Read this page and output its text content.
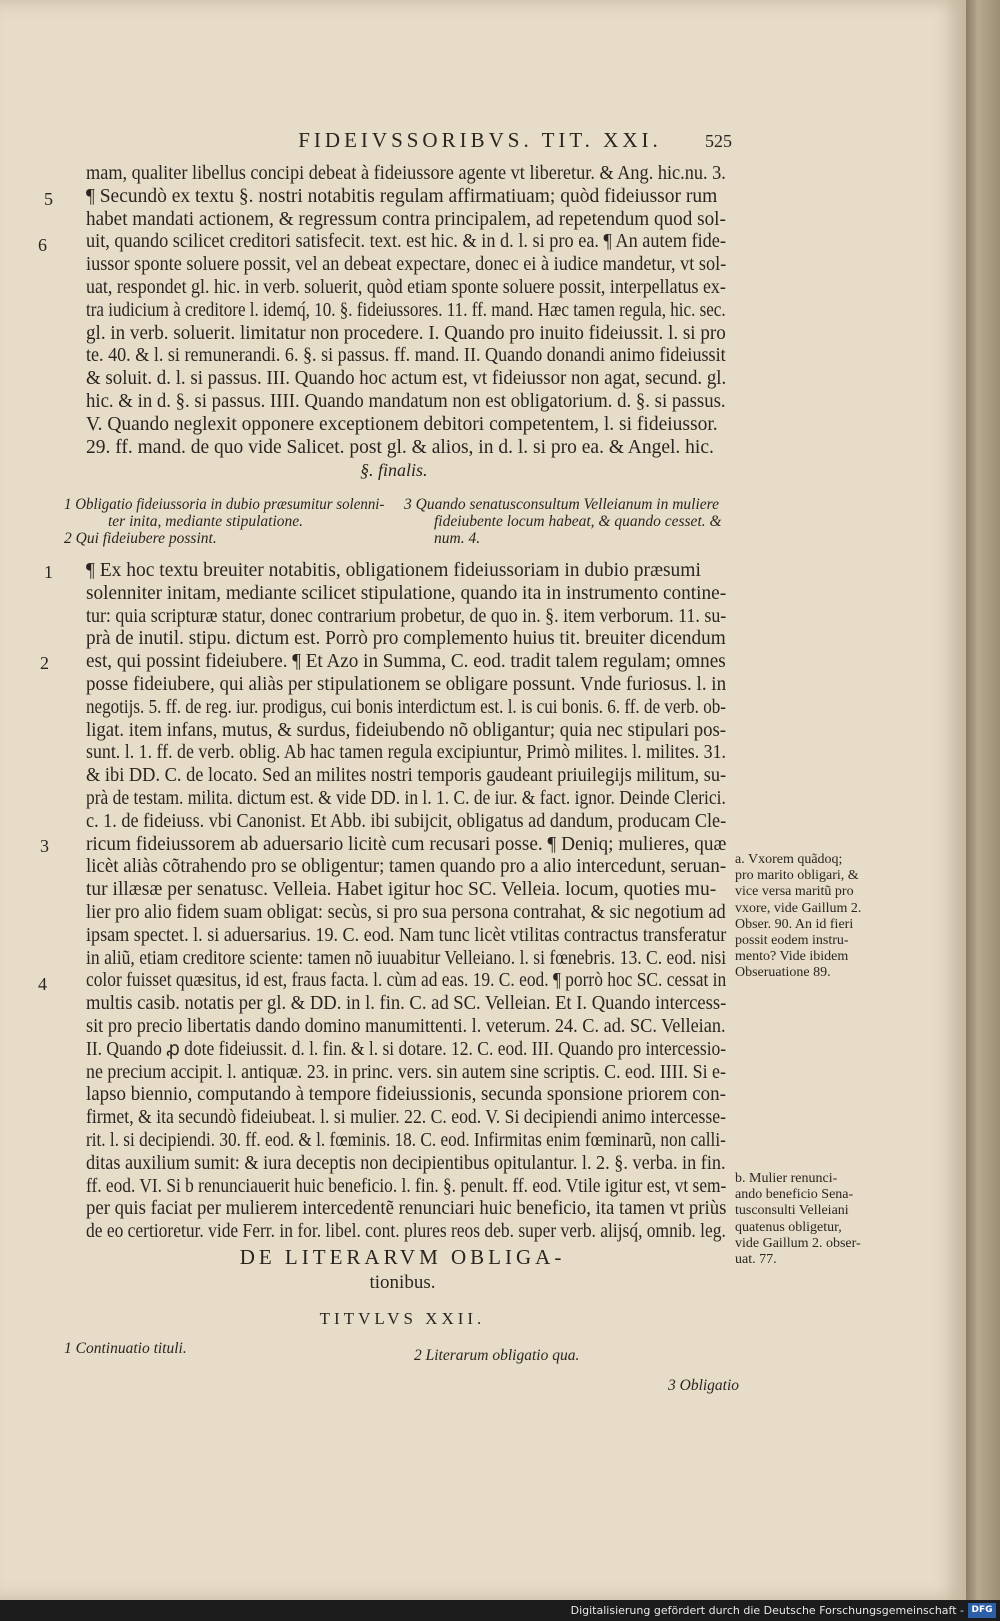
FIDEIVSSORIBVS. TIT. XXI.	525
5
6
mam, qualiter libellus concipi debeat à fideiussore agente vt liberetur. & Ang. hic.nu. 3.
¶ Secundò ex textu §. nostri notabitis regulam affirmatiuam; quòd fideiussor rum
habet mandati actionem, & regressum contra principalem, ad repetendum quod sol-
uit, quando scilicet creditori satisfecit. text. est hic. & in d. l. si pro ea. ¶ An autem fide-
iussor sponte soluere possit, vel an debeat expectare, donec ei à iudice mandetur, vt sol-
uat, respondet gl. hic. in verb. soluerit, quòd etiam sponte soluere possit, interpellatus ex-
tra iudicium à creditore l. idemq́, 10. §. fideiussores. 11. ff. mand. Hæc tamen regula, hic. sec.
gl. in verb. soluerit. limitatur non procedere. I. Quando pro inuito fideiussit. l. si pro
te. 40. & l. si remunerandi. 6. §. si passus. ff. mand. II. Quando donandi animo fideiussit
& soluit. d. l. si passus. III. Quando hoc actum est, vt fideiussor non agat, secund. gl.
hic. & in d. §. si passus. IIII. Quando mandatum non est obligatorium. d. §. si passus.
V. Quando neglexit opponere exceptionem debitori competentem, l. si fideiussor.
29. ff. mand. de quo vide Salicet. post gl. & alios, in d. l. si pro ea. & Angel. hic.
§. finalis.
1 Obligatio fideiussoria in dubio præsumitur solenni-
ter inita, mediante stipulatione.
2 Qui fideiubere possint.
3 Quando senatusconsultum Velleianum in muliere
fideiubente locum habeat, & quando cesset. &
num. 4.
1
2
3
4
¶ Ex hoc textu breuiter notabitis, obligationem fideiussoriam in dubio præsumi
solenniter initam, mediante scilicet stipulatione, quando ita in instrumento contine-
tur: quia scripturæ statur, donec contrarium probetur, de quo in. §. item verborum. 11. su-
prà de inutil. stipu. dictum est. Porrò pro complemento huius tit. breuiter dicendum
est, qui possint fideiubere. ¶ Et Azo in Summa, C. eod. tradit talem regulam; omnes
posse fideiubere, qui aliàs per stipulationem se obligare possunt. Vnde furiosus. l. in
negotijs. 5. ff. de reg. iur. prodigus, cui bonis interdictum est. l. is cui bonis. 6. ff. de verb. ob-
ligat. item infans, mutus, & surdus, fideiubendo nõ obligantur; quia nec stipulari pos-
sunt. l. 1. ff. de verb. oblig. Ab hac tamen regula excipiuntur, Primò milites. l. milites. 31.
& ibi DD. C. de locato. Sed an milites nostri temporis gaudeant priuilegijs militum, su-
prà de testam. milita. dictum est. & vide DD. in l. 1. C. de iur. & fact. ignor. Deinde Clerici.
c. 1. de fideiuss. vbi Canonist. Et Abb. ibi subijcit, obligatus ad dandum, producam Cle-
ricum fideiussorem ab aduersario licitè cum recusari posse. ¶ Deniq; mulieres, quæ
licèt aliàs cõtrahendo pro se obligentur; tamen quando pro a alio intercedunt, seruan-
tur illæsæ per senatusc. Velleia. Habet igitur hoc SC. Velleia. locum, quoties mu-
lier pro alio fidem suam obligat: secùs, si pro sua persona contrahat, & sic negotium ad
ipsam spectet. l. si aduersarius. 19. C. eod. Nam tunc licèt vtilitas contractus transferatur
in aliũ, etiam creditore sciente: tamen nõ iuuabitur Velleiano. l. si fœnebris. 13. C. eod. nisi
color fuisset quæsitus, id est, fraus facta. l. cùm ad eas. 19. C. eod. ¶ porrò hoc SC. cessat in
multis casib. notatis per gl. & DD. in l. fin. C. ad SC. Velleian. Et I. Quando intercess-
sit pro precio libertatis dando domino manumittenti. l. veterum. 24. C. ad. SC. Velleian.
II. Quando ꝓ dote fideiussit. d. l. fin. & l. si dotare. 12. C. eod. III. Quando pro intercessio-
ne precium accipit. l. antiquæ. 23. in princ. vers. sin autem sine scriptis. C. eod. IIII. Si e-
lapso biennio, computando à tempore fideiussionis, secunda sponsione priorem con-
firmet, & ita secundò fideiubeat. l. si mulier. 22. C. eod. V. Si decipiendi animo intercesse-
rit. l. si decipiendi. 30. ff. eod. & l. fœminis. 18. C. eod. Infirmitas enim fœminarũ, non calli-
ditas auxilium sumit: & iura deceptis non decipientibus opitulantur. l. 2. §. verba. in fin.
ff. eod. VI. Si b renunciauerit huic beneficio. l. fin. §. penult. ff. eod. Vtile igitur est, vt sem-
per quis faciat per mulierem intercedentẽ renunciari huic beneficio, ita tamen vt priùs
de eo certioretur. vide Ferr. in for. libel. cont. plures reos deb. super verb. alijsq́, omnib. leg.
a. Vxorem quãdoq;
pro marito obligari, &
vice versa maritũ pro
vxore, vide Gaillum 2.
Obser. 90. An id fieri
possit eodem instru-
mento? Vide ibidem
Obseruatione 89.
b. Mulier renunci-
ando beneficio Sena-
tusconsulti Velleiani
quatenus obligetur,
vide Gaillum 2. obser-
uat. 77.
DE LITERARVM OBLIGA-
tionibus.
TITVLVS XXII.
1 Continuatio tituli.	2 Literarum obligatio qua.
3 Obligatio
Digitalisierung gefördert durch die Deutsche Forschungsgemeinschaft - DFG
